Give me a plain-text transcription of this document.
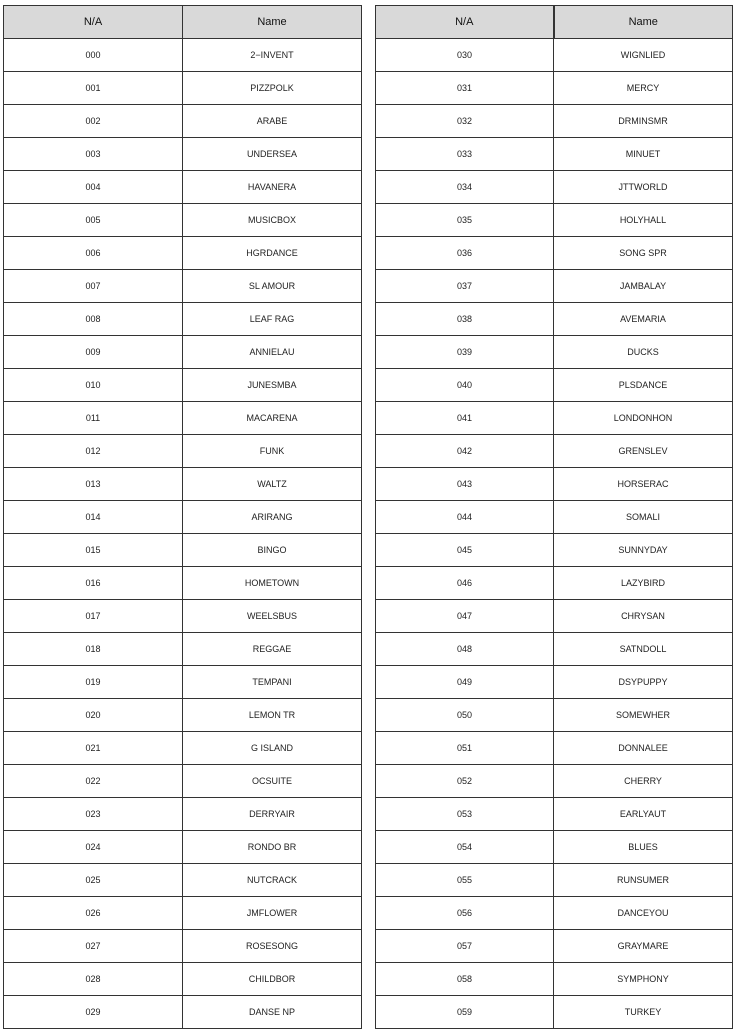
N/A	Name
000	2−INVENT
001	PIZZPOLK
002	ARABE
003	UNDERSEA
004	HAVANERA
005	MUSICBOX
006	HGRDANCE
007	SL AMOUR
008	LEAF RAG
009	ANNIELAU
010	JUNESMBA
011	MACARENA
012	FUNK
013	WALTZ
014	ARIRANG
015	BINGO
016	HOMETOWN
017	WEELSBUS
018	REGGAE
019	TEMPANI
020	LEMON TR
021	G ISLAND
022	OCSUITE
023	DERRYAIR
024	RONDO BR
025	NUTCRACK
026	JMFLOWER
027	ROSESONG
028	CHILDBOR
029	DANSE NP
N/A	Name
030	WIGNLIED
031	MERCY
032	DRMINSMR
033	MINUET
034	JTTWORLD
035	HOLYHALL
036	SONG SPR
037	JAMBALAY
038	AVEMARIA
039	DUCKS
040	PLSDANCE
041	LONDONHON
042	GRENSLEV
043	HORSERAC
044	SOMALI
045	SUNNYDAY
046	LAZYBIRD
047	CHRYSAN
048	SATNDOLL
049	DSYPUPPY
050	SOMEWHER
051	DONNALEE
052	CHERRY
053	EARLYAUT
054	BLUES
055	RUNSUMER
056	DANCEYOU
057	GRAYMARE
058	SYMPHONY
059	TURKEY
